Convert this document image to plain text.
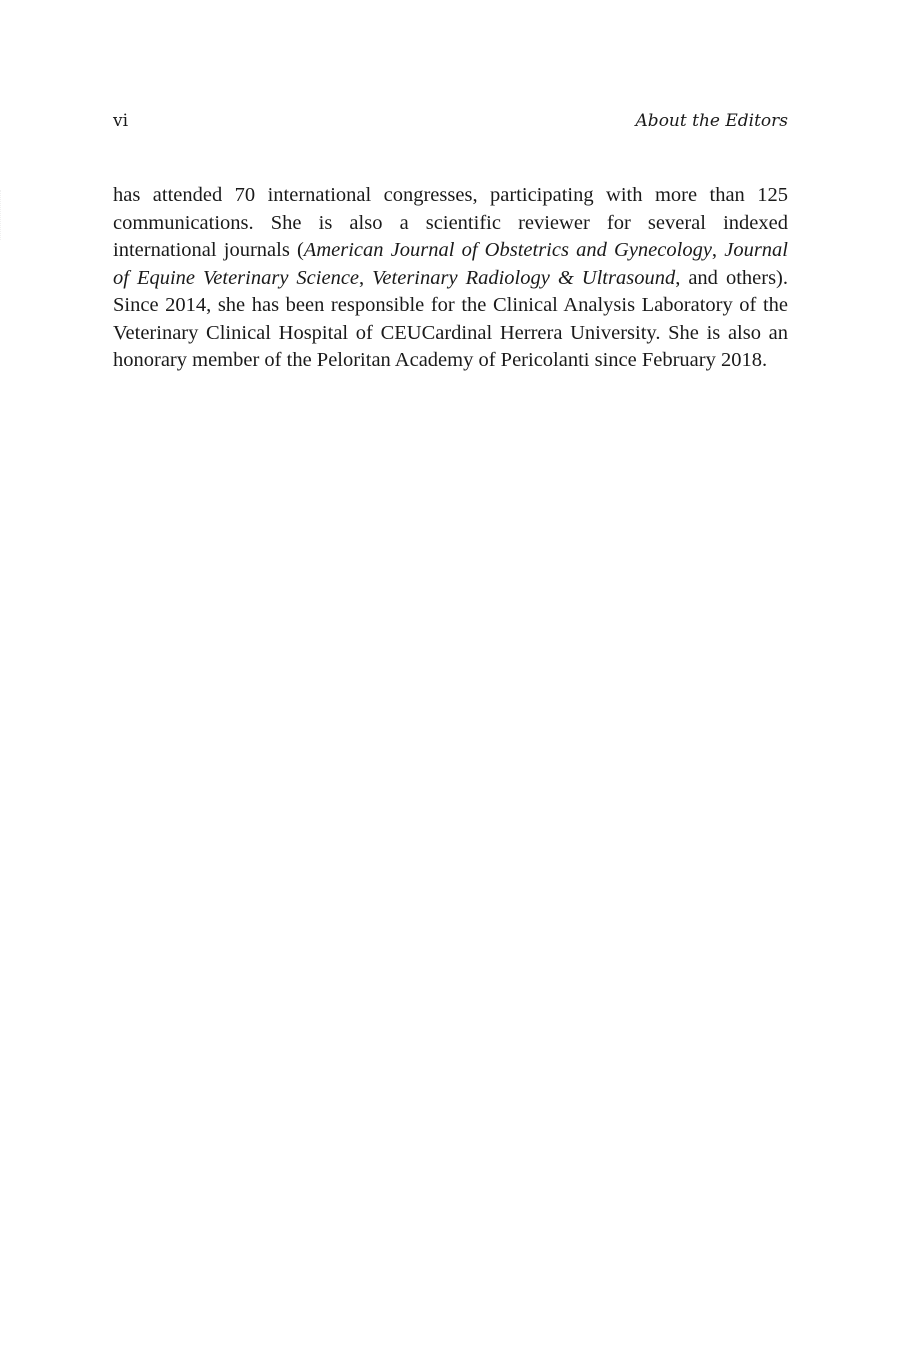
vi	About the Editors

has attended 70 international congresses, participating with more than 125 communications. She is also a scientific reviewer for several indexed international journals (American Journal of Obstetrics and Gynecology, Journal of Equine Veterinary Science, Veterinary Radiology & Ultrasound, and others). Since 2014, she has been responsible for the Clinical Analysis Laboratory of the Veterinary Clinical Hospital of CEUCardinal Herrera University. She is also an honorary member of the Peloritan Academy of Pericolanti since February 2018.
